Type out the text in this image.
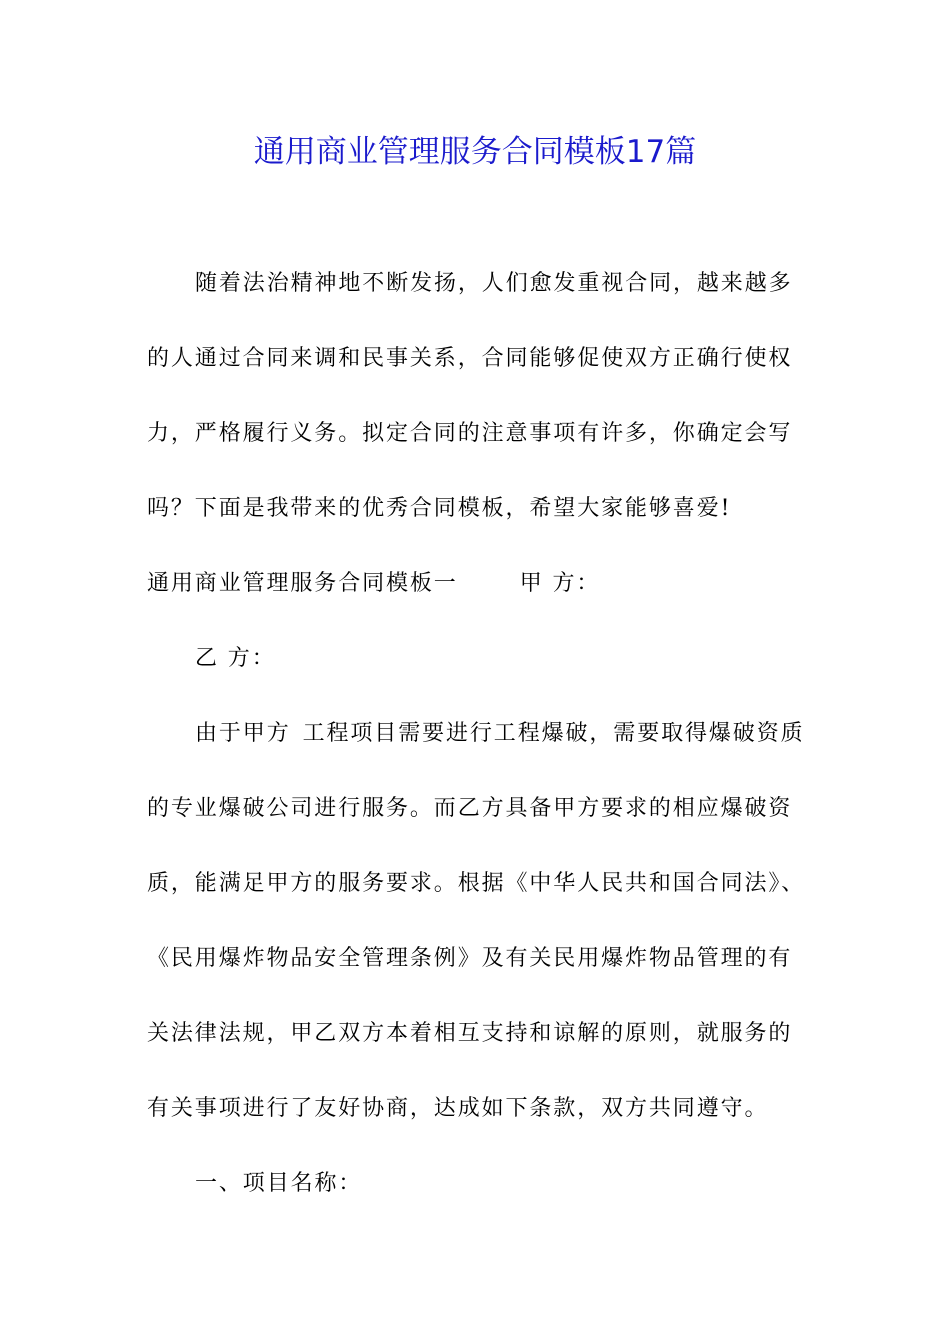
通用商业管理服务合同模板17篇

随着法治精神地不断发扬，人们愈发重视合同，越来越多

的人通过合同来调和民事关系，合同能够促使双方正确行使权

力，严格履行义务。拟定合同的注意事项有许多，你确定会写

吗？下面是我带来的优秀合同模板，希望大家能够喜爱!

通用商业管理服务合同模板一	甲 方：

乙 方：

由于甲方 工程项目需要进行工程爆破，需要取得爆破资质

的专业爆破公司进行服务。而乙方具备甲方要求的相应爆破资

质，能满足甲方的服务要求。根据《中华人民共和国合同法》、

《民用爆炸物品安全管理条例》及有关民用爆炸物品管理的有

关法律法规，甲乙双方本着相互支持和谅解的原则，就服务的

有关事项进行了友好协商，达成如下条款，双方共同遵守。

一、项目名称：
